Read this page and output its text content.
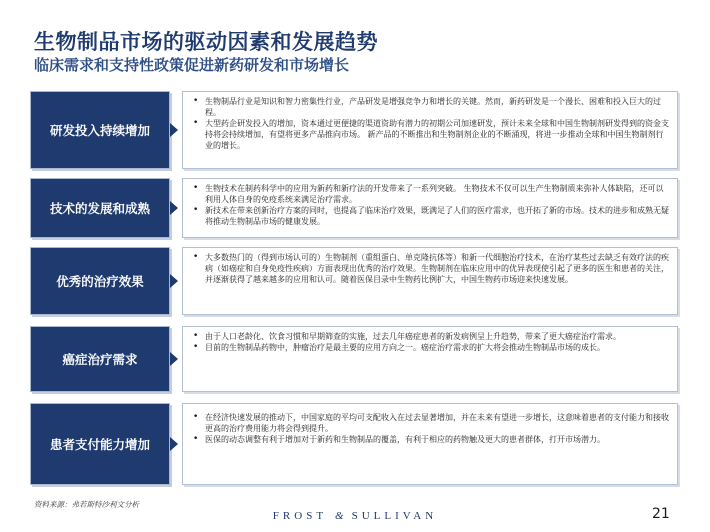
生物制品市场的驱动因素和发展趋势
临床需求和支持性政策促进新药研发和市场增长
研发投入持续增加
• 生物制品行业是知识和智力密集性行业，产品研发是增强竞争力和增长的关键。然而，新药研发是一个漫长、困难和投入巨大的过程。
• 大型药企研发投入的增加，资本通过更便捷的渠道资助有潜力的初期公司加速研发，预计未来全球和中国生物制剂研发得到的资金支持将会持续增加，有望将更多产品推向市场。 新产品的不断推出和生物制剂企业的不断涌现，将进一步推动全球和中国生物制剂行业的增长。
技术的发展和成熟
• 生物技术在制药科学中的应用为新药和新疗法的开发带来了一系列突破。 生物技术不仅可以生产生物制质来弥补人体缺陷，还可以利用人体自身的免疫系统来满足治疗需求。
• 新技术在带来创新治疗方案的同时，也提高了临床治疗效果，既满足了人们的医疗需求，也开拓了新的市场。技术的进步和成熟无疑将推动生物制品市场的健康发展。
优秀的治疗效果
• 大多数热门的（得到市场认可的）生物制剂（重组蛋白、单克隆抗体等）和新一代细胞治疗技术，在治疗某些过去缺乏有效疗法的疾病（如癌症和自身免疫性疾病）方面表现出优秀的治疗效果。生物制剂在临床应用中的优异表现使引起了更多的医生和患者的关注，并逐渐获得了越来越多的应用和认可。随着医保目录中生物药比例扩大，中国生物药市场迎来快速发展。
癌症治疗需求
• 由于人口老龄化、饮食习惯和早期筛查的实施，过去几年癌症患者的新发病例呈上升趋势，带来了更大癌症治疗需求。
• 目前的生物制品药物中，肿瘤治疗是最主要的应用方向之一。癌症治疗需求的扩大将会推动生物制品市场的成长。
患者支付能力增加
• 在经济快速发展的推动下，中国家庭的平均可支配收入在过去显著增加，并在未来有望进一步增长，这意味着患者的支付能力和接收更高的治疗费用能力将会得到提升。
• 医保的动态调整有利于增加对于新药和生物制品的覆盖，有利于相应的药物触及更大的患者群体，打开市场潜力。
资料来源：弗若斯特沙利文分析
FROST & SULLIVAN	21
